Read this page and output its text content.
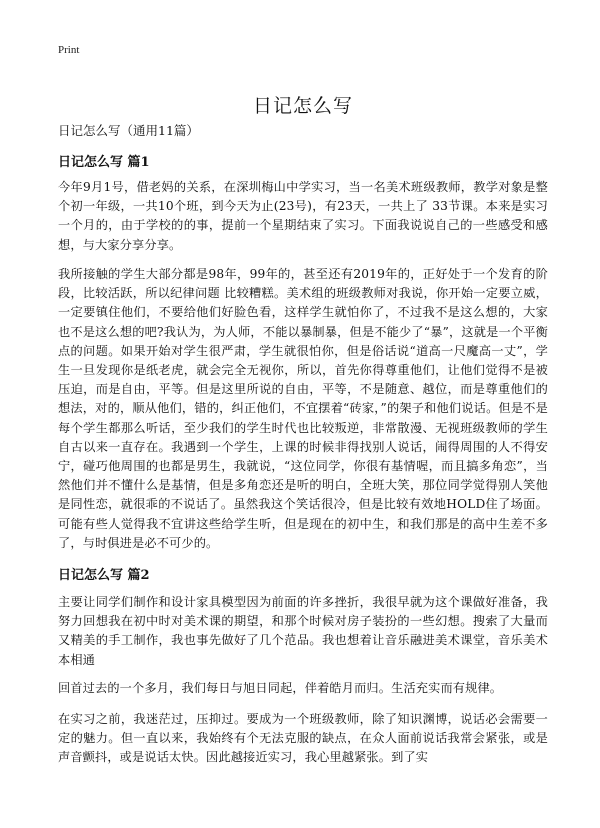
Print
日记怎么写
日记怎么写（通用11篇）
日记怎么写 篇1
今年9月1号，借老妈的关系，在深圳梅山中学实习，当一名美术班级教师，教学对象是整个初一年级，一共10个班，到今天为止(23号)，有23天，一共上了 33节课。本来是实习一个月的，由于学校的的事，提前一个星期结束了实习。下面我说说自己的一些感受和感想，与大家分享分享。
我所接触的学生大部分都是98年，99年的，甚至还有2019年的，正好处于一个发育的阶段，比较活跃，所以纪律问题 比较糟糕。美术组的班级教师对我说，你开始一定要立威，一定要镇住他们，不要给他们好脸色看，这样学生就怕你了，不过我不是这么想的，大家也不是这么想的吧?我认为，为人师，不能以暴制暴，但是不能少了“暴”，这就是一个平衡点的问题。如果开始对学生很严肃，学生就很怕你，但是俗话说“道高一尺魔高一丈”，学生一旦发现你是纸老虎，就会完全无视你，所以，首先你得尊重他们，让他们觉得不是被压迫，而是自由，平等。但是这里所说的自由，平等，不是随意、越位，而是尊重他们的想法，对的，顺从他们，错的，纠正他们，不宜摆着“砖家，”的架子和他们说话。但是不是每个学生都那么听话，至少我们的学生时代也比较叛逆，非常散漫、无视班级教师的学生自古以来一直存在。我遇到一个学生，上课的时候非得找别人说话，闹得周围的人不得安宁，碰巧他周围的也都是男生，我就说，“这位同学，你很有基情喔，而且搞多角恋”，当然他们并不懂什么是基情，但是多角恋还是听的明白，全班大笑，那位同学觉得别人笑他是同性恋，就很乖的不说话了。虽然我这个笑话很冷，但是比较有效地HOLD住了场面。可能有些人觉得我不宜讲这些给学生听，但是现在的初中生，和我们那是的高中生差不多了，与时俱进是必不可少的。
日记怎么写 篇2
主要让同学们制作和设计家具模型因为前面的许多挫折，我很早就为这个课做好准备，我努力回想我在初中时对美术课的期望，和那个时候对房子装扮的一些幻想。搜索了大量而又精美的手工制作，我也事先做好了几个范品。我也想着让音乐融进美术课堂，音乐美术本相通
回首过去的一个多月，我们每日与旭日同起，伴着皓月而归。生活充实而有规律。
在实习之前，我迷茫过，压抑过。要成为一个班级教师，除了知识渊博，说话必会需要一定的魅力。但一直以来，我始终有个无法克服的缺点，在众人面前说话我常会紧张，或是声音颤抖，或是说话太快。因此越接近实习，我心里越紧张。到了实
